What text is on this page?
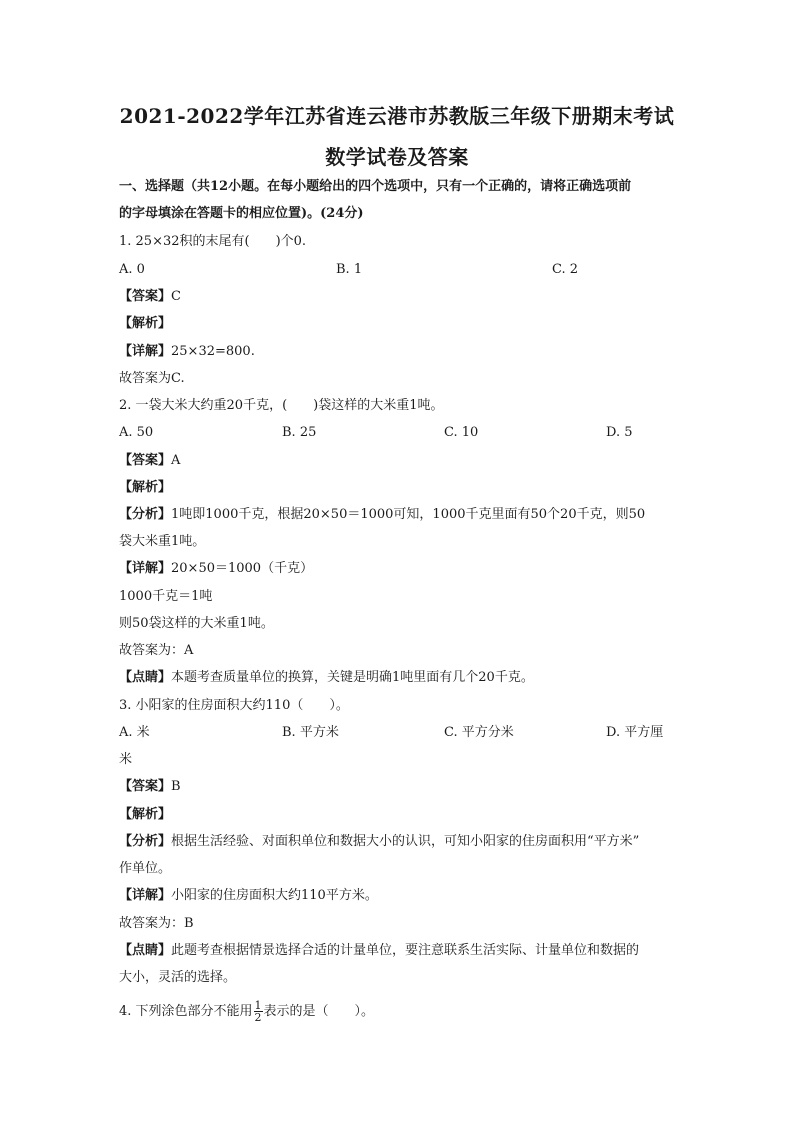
2021-2022学年江苏省连云港市苏教版三年级下册期末考试
数学试卷及答案
一、选择题（共12小题。在每小题给出的四个选项中，只有一个正确的，请将正确选项前
的字母填涂在答题卡的相应位置)。(24分)
1. 25×32积的末尾有(　　)个0.
A. 0	B. 1	C. 2
【答案】C
【解析】
【详解】25×32=800.
故答案为C.
2. 一袋大米大约重20千克，(　　)袋这样的大米重1吨。
A. 50	B. 25	C. 10	D. 5
【答案】A
【解析】
【分析】1吨即1000千克，根据20×50＝1000可知，1000千克里面有50个20千克，则50
袋大米重1吨。
【详解】20×50＝1000（千克）
1000千克＝1吨
则50袋这样的大米重1吨。
故答案为：A
【点睛】本题考查质量单位的换算，关键是明确1吨里面有几个20千克。
3. 小阳家的住房面积大约110（　　）。
A. 米	B. 平方米	C. 平方分米	D. 平方厘
米
【答案】B
【解析】
【分析】根据生活经验、对面积单位和数据大小的认识，可知小阳家的住房面积用“平方米”
作单位。
【详解】小阳家的住房面积大约110平方米。
故答案为：B
【点睛】此题考查根据情景选择合适的计量单位，要注意联系生活实际、计量单位和数据的
大小，灵活的选择。
4. 下列涂色部分不能用 $\frac{1}{2}$ 表示的是（　　）。
